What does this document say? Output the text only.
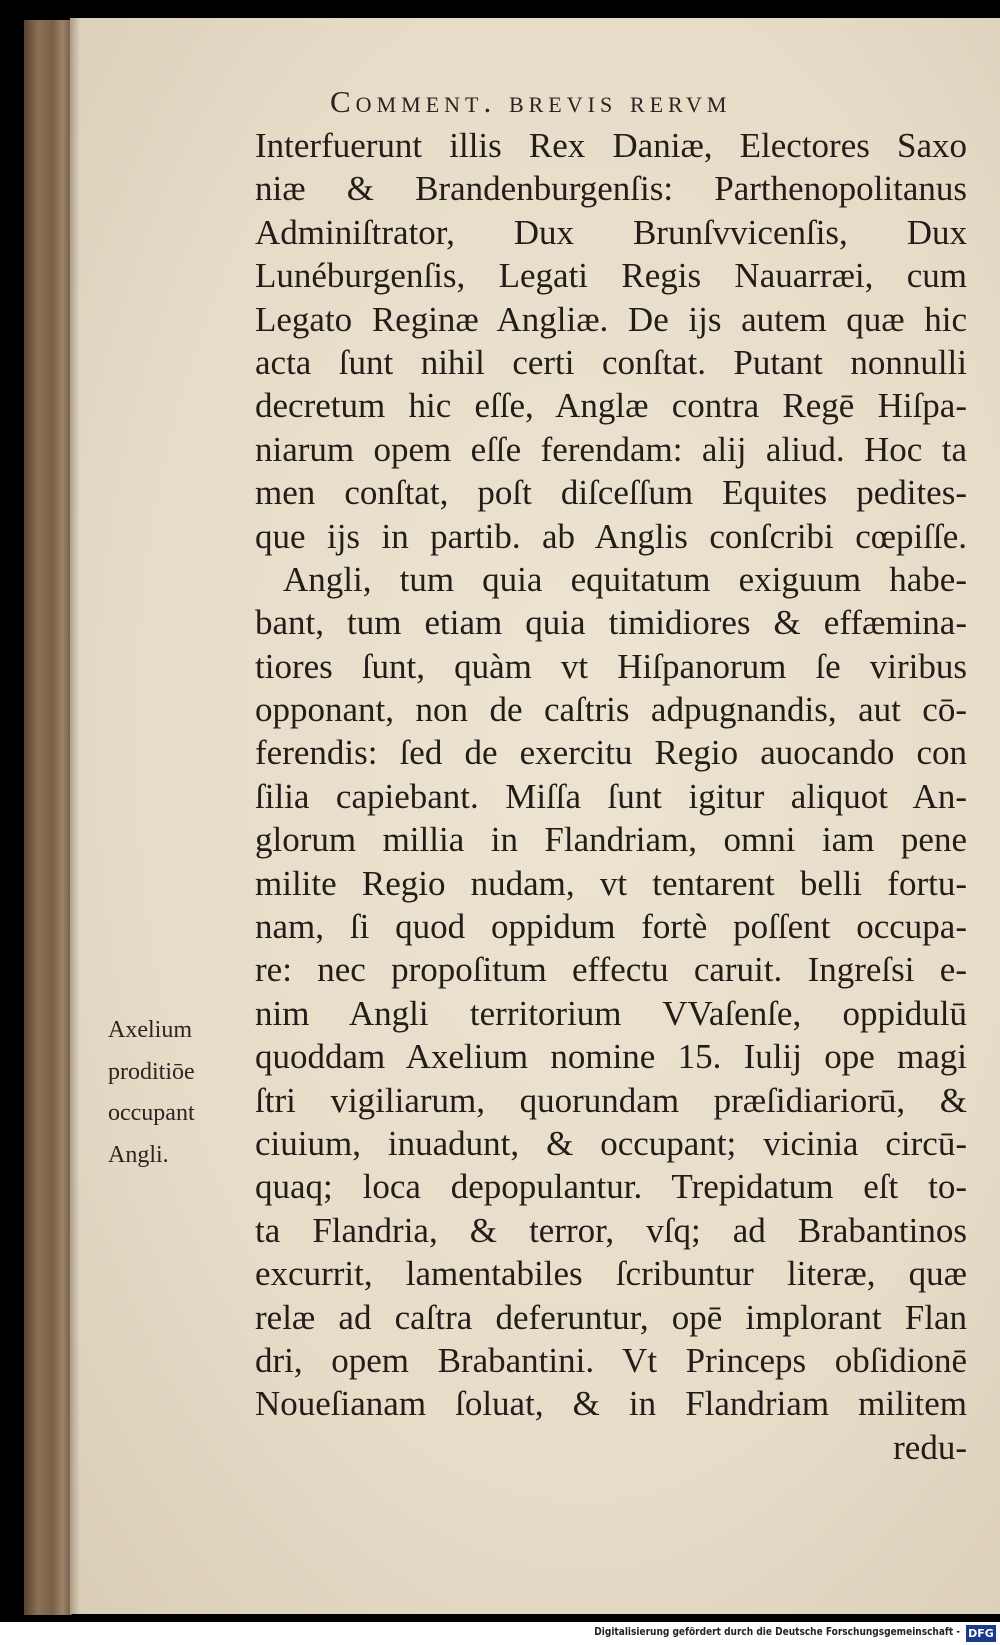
Comment. brevis rervm
Interfuerunt illis Rex Daniæ, Electores Saxo
niæ & Brandenburgenſis: Parthenopolitanus
Adminiſtrator, Dux Brunſvvicenſis, Dux
Lunéburgenſis, Legati Regis Nauarræi, cum
Legato Reginæ Angliæ. De ijs autem quæ hic
acta ſunt nihil certi conſtat. Putant nonnulli
decretum hic eſſe, Anglæ contra Regē Hiſpa-
niarum opem eſſe ferendam: alij aliud. Hoc ta
men conſtat, poſt diſceſſum Equites pedites-
que ijs in partib. ab Anglis conſcribi cœpiſſe.
Angli, tum quia equitatum exiguum habe-
bant, tum etiam quia timidiores & effæmina-
tiores ſunt, quàm vt Hiſpanorum ſe viribus
opponant, non de caſtris adpugnandis, aut cō-
ferendis: ſed de exercitu Regio auocando con
ſilia capiebant. Miſſa ſunt igitur aliquot An-
glorum millia in Flandriam, omni iam pene
milite Regio nudam, vt tentarent belli fortu-
nam, ſi quod oppidum fortè poſſent occupa-
re: nec propoſitum effectu caruit. Ingreſsi e-
nim Angli territorium VVaſenſe, oppidulū
quoddam Axelium nomine 15. Iulij ope magi
ſtri vigiliarum, quorundam præſidiariorū, &
ciuium, inuadunt, & occupant; vicinia circū-
quaq; loca depopulantur. Trepidatum eſt to-
ta Flandria, & terror, vſq; ad Brabantinos
excurrit, lamentabiles ſcribuntur literæ, quæ
relæ ad caſtra deferuntur, opē implorant Flan
dri, opem Brabantini. Vt Princeps obſidionē
Noueſianam ſoluat, & in Flandriam militem
redu-
Axelium
proditiōe
occupant
Angli.
Digitalisierung gefördert durch die Deutsche Forschungsgemeinschaft - DFG
